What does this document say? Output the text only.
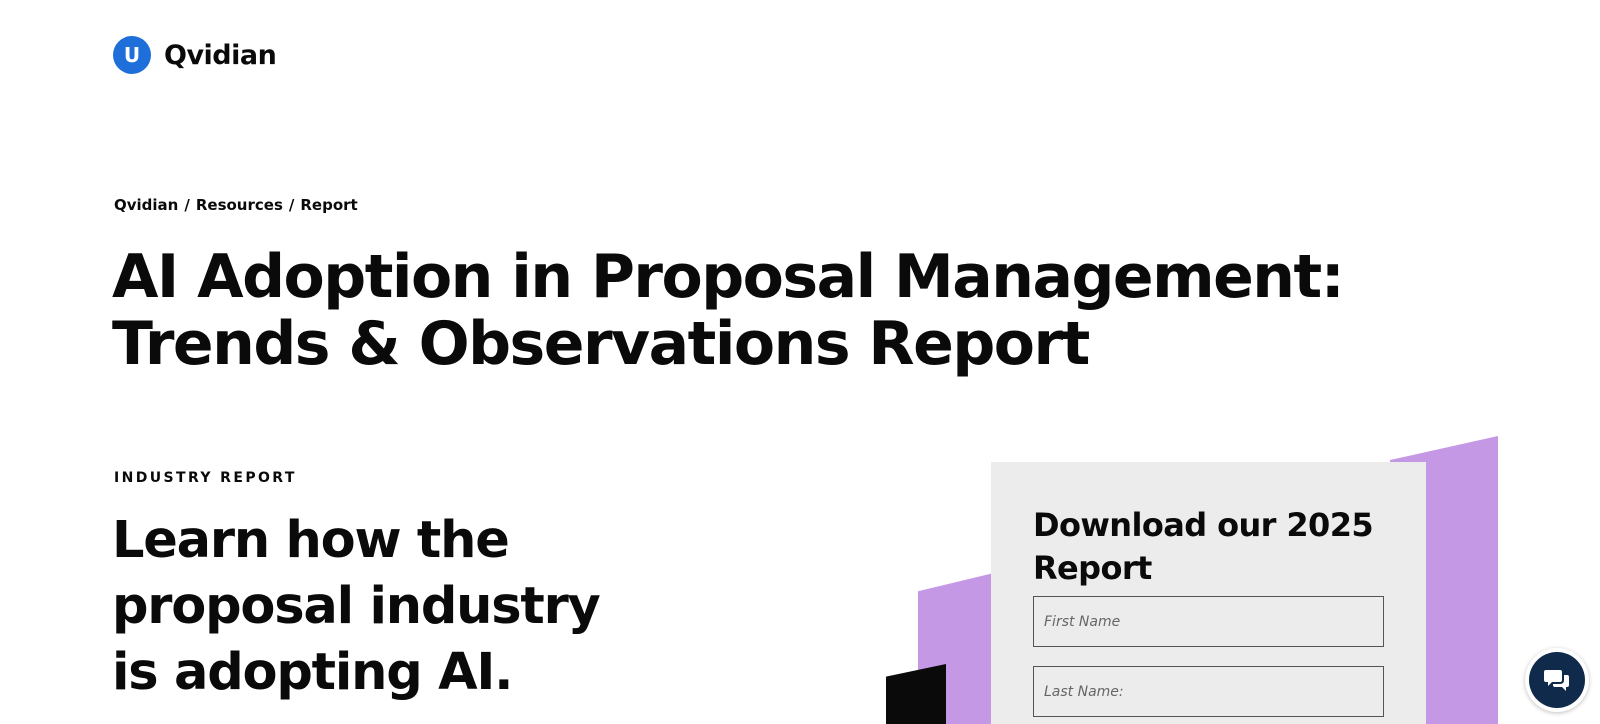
U Qvidian
Qvidian / Resources / Report
AI Adoption in Proposal Management:
Trends & Observations Report
INDUSTRY REPORT
Learn how the
proposal industry
is adopting AI.
Download our 2025
Report
First Name
Last Name:
